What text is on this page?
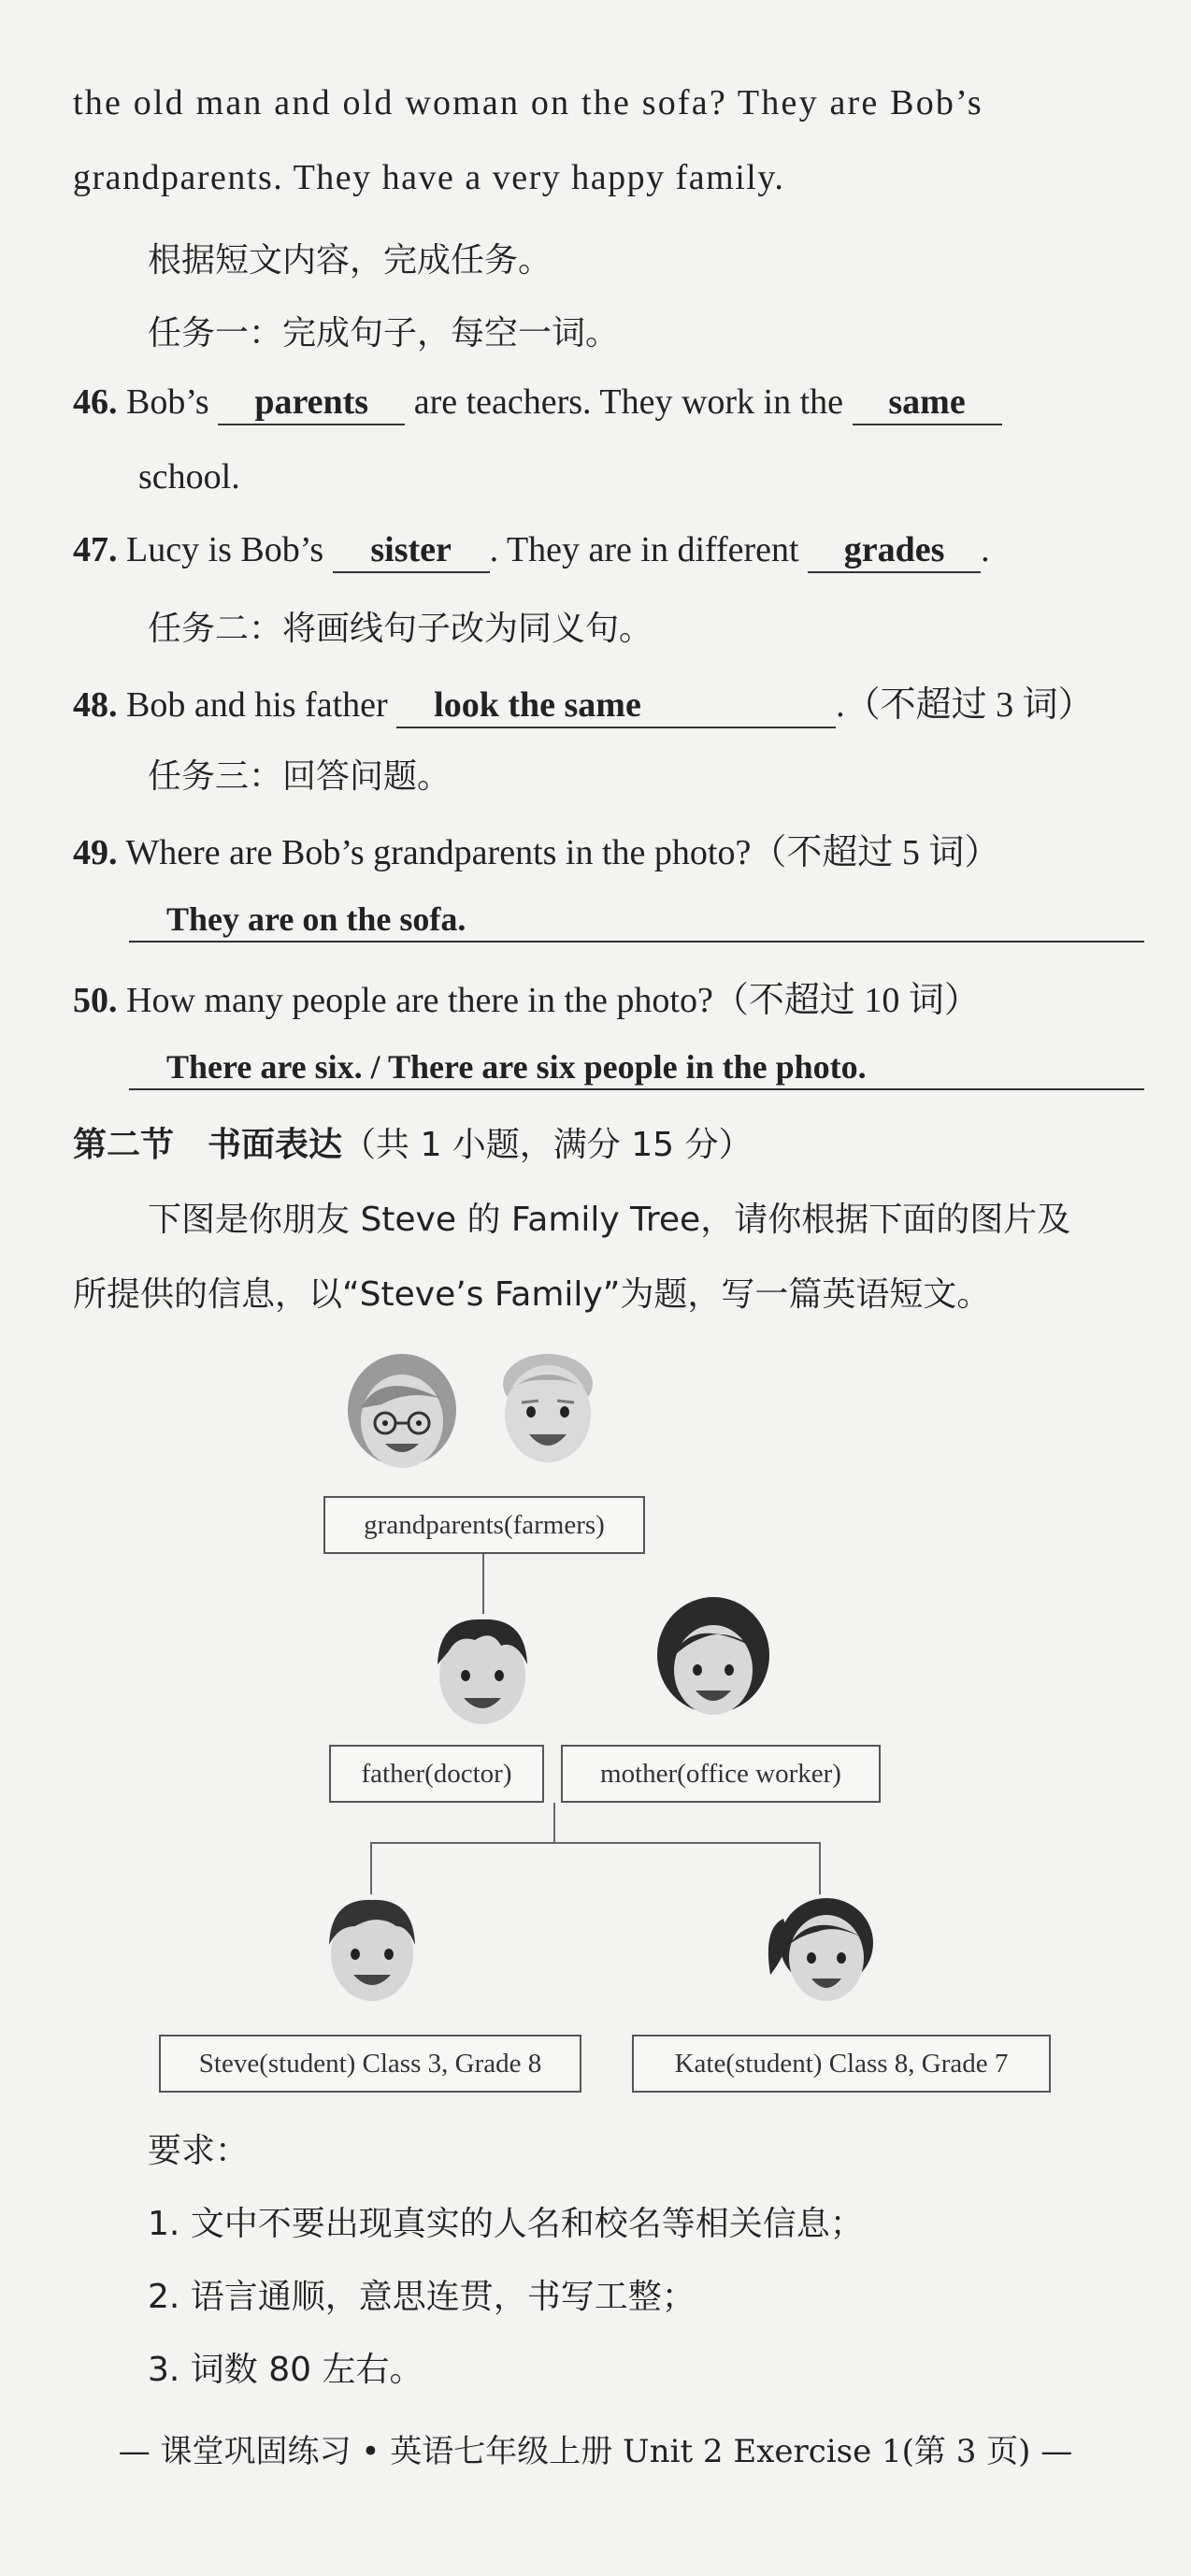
the old man and old woman on the sofa? They are Bob’s
grandparents. They have a very happy family.
根据短文内容，完成任务。
任务一：完成句子，每空一词。
46. Bob’s parents are teachers. They work in the same
school.
47. Lucy is Bob’s sister . They are in different grades .
任务二：将画线句子改为同义句。
48. Bob and his father look the same	.（不超过 3 词）
任务三：回答问题。
49. Where are Bob’s grandparents in the photo?（不超过 5 词）
They are on the sofa.
50. How many people are there in the photo?（不超过 10 词）
There are six. / There are six people in the photo.
第二节　书面表达（共 1 小题，满分 15 分）
下图是你朋友 Steve 的 Family Tree，请你根据下面的图片及
所提供的信息，以“Steve’s Family”为题，写一篇英语短文。
grandparents(farmers)
father(doctor)	mother(office worker)
Steve(student) Class 3, Grade 8	Kate(student) Class 8, Grade 7
要求：
1. 文中不要出现真实的人名和校名等相关信息；
2. 语言通顺，意思连贯，书写工整；
3. 词数 80 左右。
— 课堂巩固练习 • 英语七年级上册 Unit 2 Exercise 1(第 3 页) —
